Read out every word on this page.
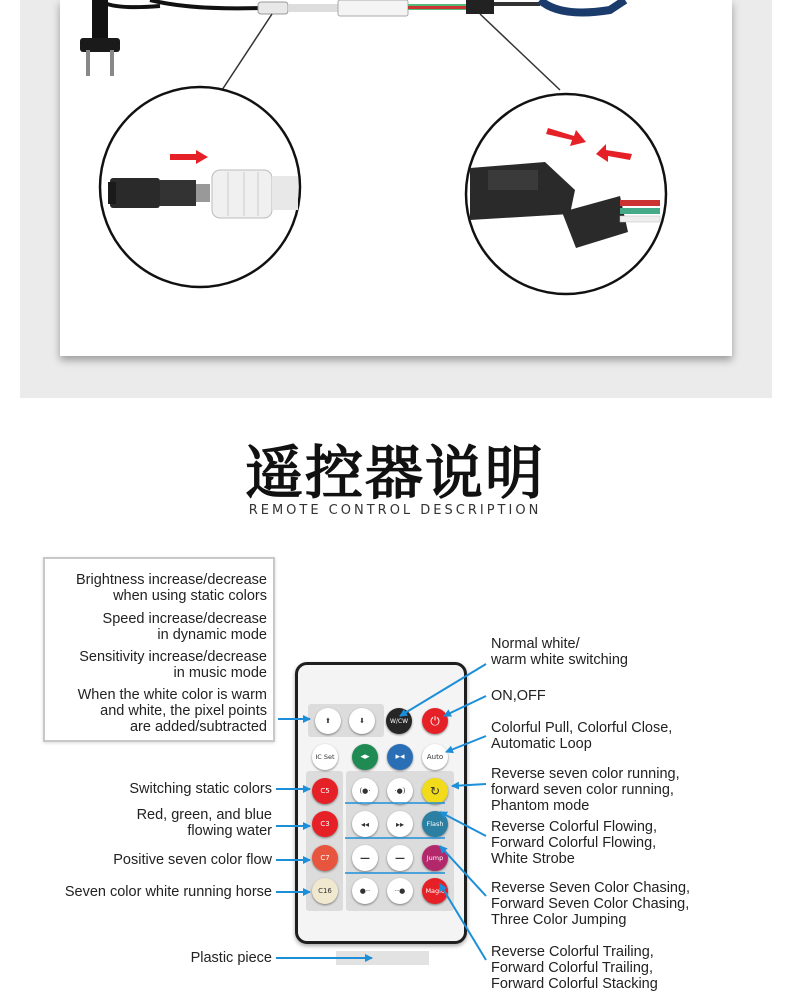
遥控器说明
REMOTE CONTROL DESCRIPTION
Brightness increase/decrease
when using static colors
Speed increase/decrease
in dynamic mode
Sensitivity increase/decrease
in music mode
When the white color is warm
and white, the pixel points
are added/subtracted
Switching static colors
Red, green, and blue
flowing water
Positive seven color flow
Seven color white running horse
Plastic piece
Normal white/
warm white switching
ON,OFF
Colorful Pull, Colorful Close,
Automatic Loop
Reverse seven color running,
forward seven color running,
Phantom mode
Reverse Colorful Flowing,
Forward Colorful Flowing,
White Strobe
Reverse Seven Color Chasing,
Forward Seven Color Chasing,
Three Color Jumping
Reverse Colorful Trailing,
Forward Colorful Trailing,
Forward Colorful Stacking
⬆	⬇	W/CW	⏻
IC Set	◂▸	▸◂	Auto
C5	(●·	·●) ↻
C3	◂◂	▸▸	Flash
C7	—	—	Jump
C16	●··	··●	Magic
